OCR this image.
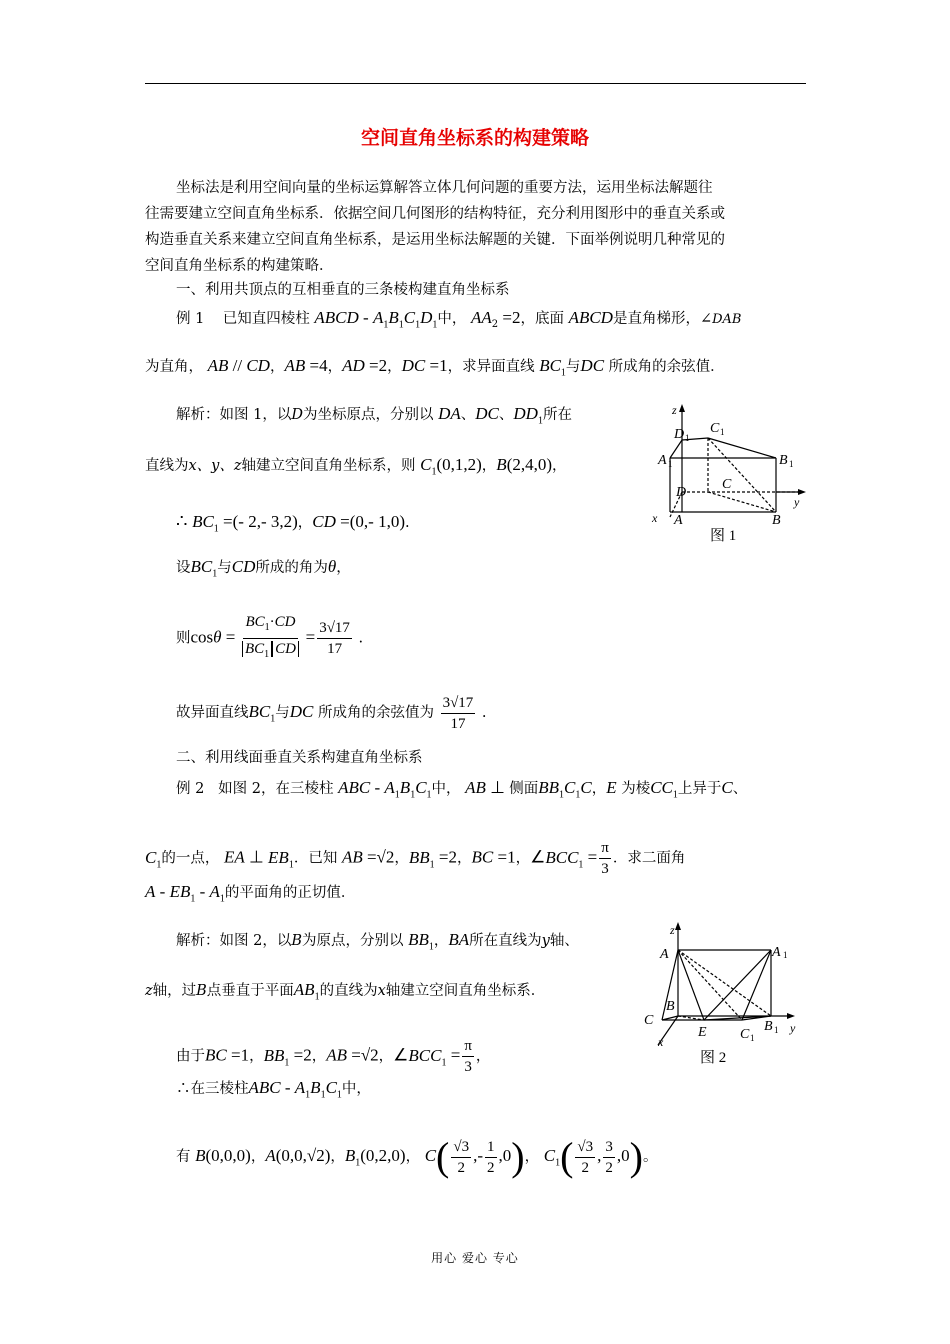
空间直角坐标系的构建策略
坐标法是利用空间向量的坐标运算解答立体几何问题的重要方法，运用坐标法解题往
往需要建立空间直角坐标系．依据空间几何图形的结构特征，充分利用图形中的垂直关系或
构造垂直关系来建立空间直角坐标系，是运用坐标法解题的关键．下面举例说明几种常见的
空间直角坐标系的构建策略．
一、利用共顶点的互相垂直的三条棱构建直角坐标系
例 1 已知直四棱柱 ABCD - $A_1B_1C_1D_1$中， $AA_2 =2$，底面 ABCD是直角梯形，∠DAB
为直角， AB // CD，AB =4，AD =2，DC =1，求异面直线 $BC_1$与DC 所成角的余弦值．
解析：如图 1，以D为坐标原点，分别以 DA、DC、$DD_1$所在
直线为x、y、z轴建立空间直角坐标系，则 $C_1(0,1,2)$，B(2,4,0)，
∴ $BC_1$ =(- 2,- 3,2)，CD =(0,- 1,0).
设$BC_1$与CD所成的角为θ，
则$\cos\theta = \frac{BC_1\cdot CD}{BC_1 CD} = \frac{3√17}{17}$ .
故异面直线$BC_1$与DC 所成角的余弦值为 $\frac{3√17}{17}$ .
z
D 1
C 1
A 1	B 1
D
C
y
x A	B
图 1
二、利用线面垂直关系构建直角坐标系
例 2 如图 2，在三棱柱 ABC - $A_1B_1C_1$中， AB ⊥ 侧面$BB_1C_1C$，E 为棱$CC_1$上异于C、
$C_1$的一点， EA ⊥ $EB_1$．已知 AB =√2，$BB_1 =2$，BC =1，$\angle BCC_1 = \frac{\pi}{3}$ ．求二面角
A - $EB_1 - A_1$的平面角的正切值．
解析：如图 2，以B为原点，分别以 $BB_1$，BA所在直线为y轴、
z轴，过B点垂直于平面$AB_1$的直线为x轴建立空间直角坐标系．
由于BC =1，$BB_1 =2$，AB =√2，$\angle BCC_1 = \frac{\pi}{3}$ ，
∴在三棱柱ABC - $A_1B_1C_1$中，
有 B(0,0,0)，A(0,0,√2)，$B_1(0,2,0)$， $C( \frac{√3}{2}$ ,- $\frac{1}{2} ,0$)， $C_1( \frac{√3}{2}$ , $\frac{3}{2} ,0$)。
z
A	A 1
B
C
E C 1
B 1 y
x
图 2
用心 爱心 专心
